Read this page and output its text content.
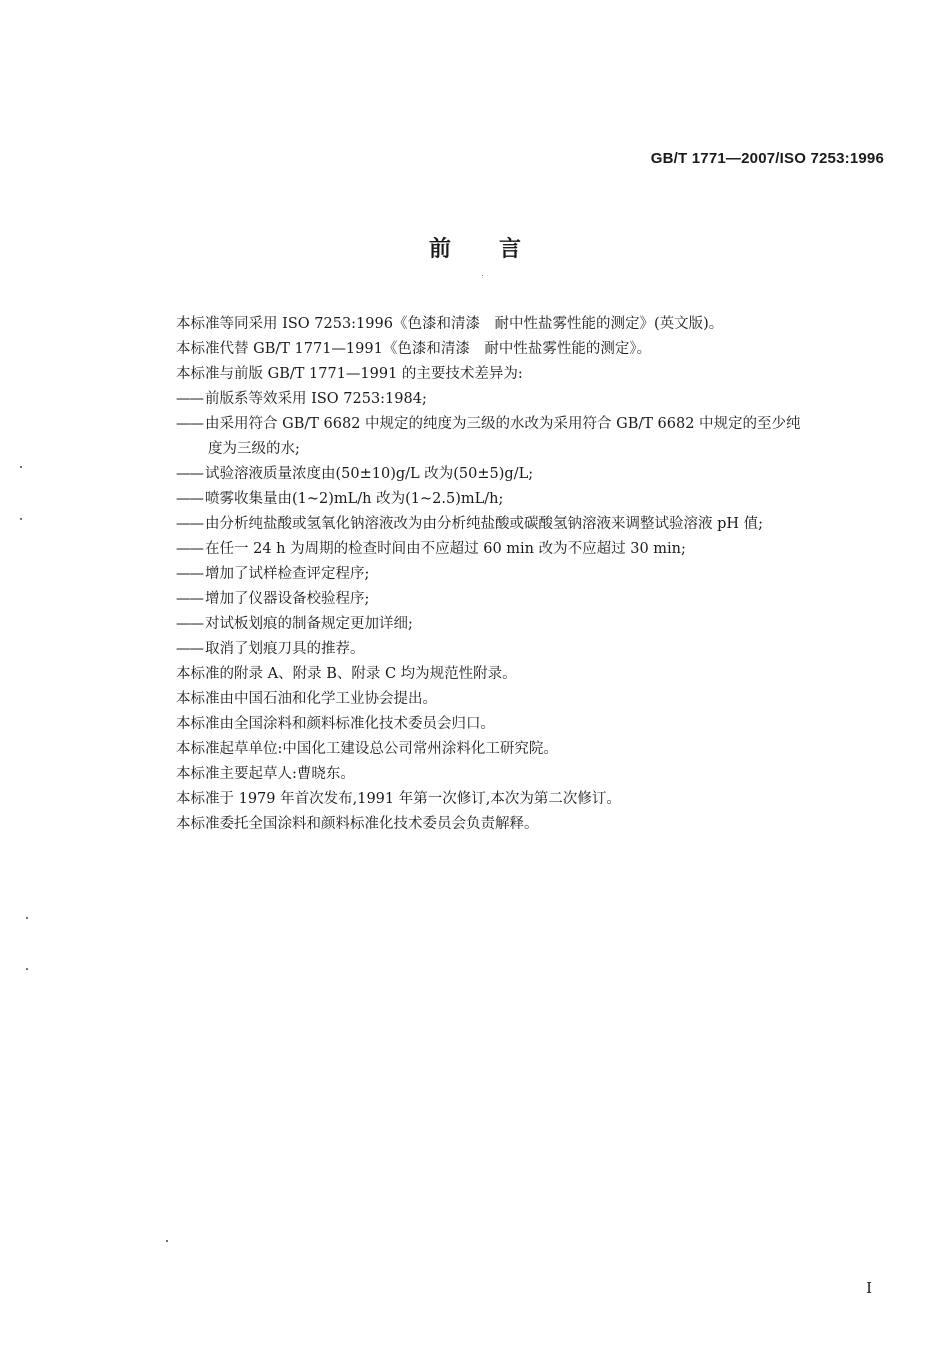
GB/T 1771—2007/ISO 7253:1996
前 言

本标准等同采用 ISO 7253:1996《色漆和清漆　耐中性盐雾性能的测定》(英文版)。

本标准代替 GB/T 1771—1991《色漆和清漆　耐中性盐雾性能的测定》。

本标准与前版 GB/T 1771—1991 的主要技术差异为:

—— 前版系等效采用 ISO 7253:1984;

—— 由采用符合 GB/T 6682 中规定的纯度为三级的水改为采用符合 GB/T 6682 中规定的至少纯

度为三级的水;

—— 试验溶液质量浓度由(50±10)g/L 改为(50±5)g/L;

—— 喷雾收集量由(1~2)mL/h 改为(1~2.5)mL/h;

—— 由分析纯盐酸或氢氧化钠溶液改为由分析纯盐酸或碳酸氢钠溶液来调整试验溶液 pH 值;

—— 在任一 24 h 为周期的检查时间由不应超过 60 min 改为不应超过 30 min;

—— 增加了试样检查评定程序;

—— 增加了仪器设备校验程序;

—— 对试板划痕的制备规定更加详细;

—— 取消了划痕刀具的推荐。

本标准的附录 A、附录 B、附录 C 均为规范性附录。

本标准由中国石油和化学工业协会提出。

本标准由全国涂料和颜料标准化技术委员会归口。

本标准起草单位:中国化工建设总公司常州涂料化工研究院。

本标准主要起草人:曹晓东。

本标准于 1979 年首次发布,1991 年第一次修订,本次为第二次修订。

本标准委托全国涂料和颜料标准化技术委员会负责解释。

I
